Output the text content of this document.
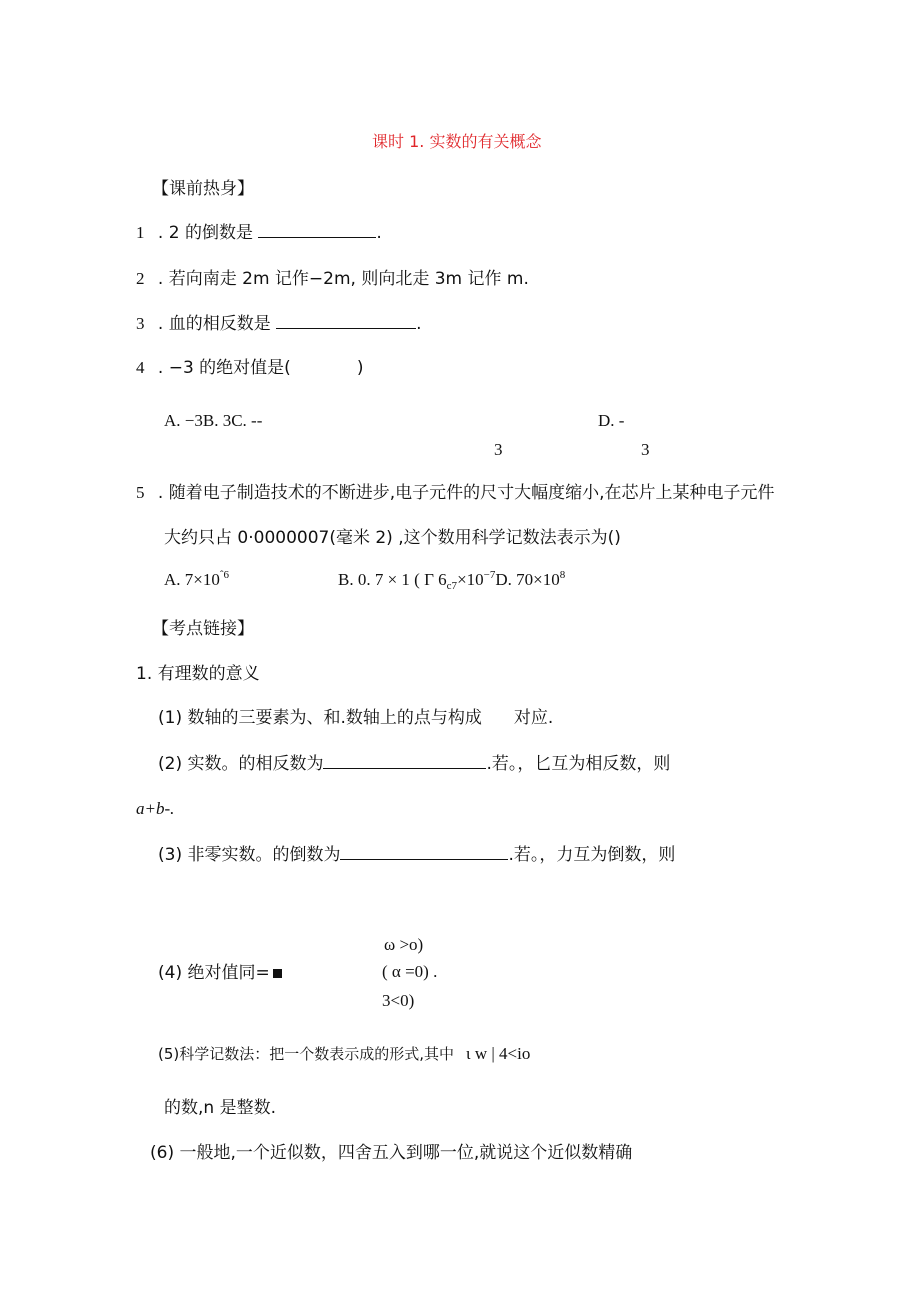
课时 1. 实数的有关概念
【课前热身】
1 . 2 的倒数是	.
2 . 若向南走 2m 记作−2m, 则向北走 3m 记作 m.
3 . 血的相反数是	.
4 . −3 的绝对值是(	)
A. −3B. 3C. --	D. -
3	3
5 . 随着电子制造技术的不断进步,电子元件的尺寸大幅度缩小,在芯片上某种电子元件
大约只占 0·0000007(毫米 2) ,这个数用科学记数法表示为()
A. $7\times 10^{ˆ6}$	B. 0. 7 × 1 ( Γ $6_{c7}\times 10^{-7}D$. $70\times 10^8$
【考点链接】
1. 有理数的意义
(1) 数轴的三要素为、和.数轴上的点与构成 对应.
(2) 实数。的相反数为	.若。，匕互为相反数，则
a+b-.
(3) 非零实数。的倒数为	.若。，力互为倒数，则
(4) 绝对值同=
ω >o)
( α =0) .
3<0)
(5)科学记数法：把一个数表示成的形式,其中 ι w | 4<io
的数,n 是整数.
(6) 一般地,一个近似数，四舍五入到哪一位,就说这个近似数精确
